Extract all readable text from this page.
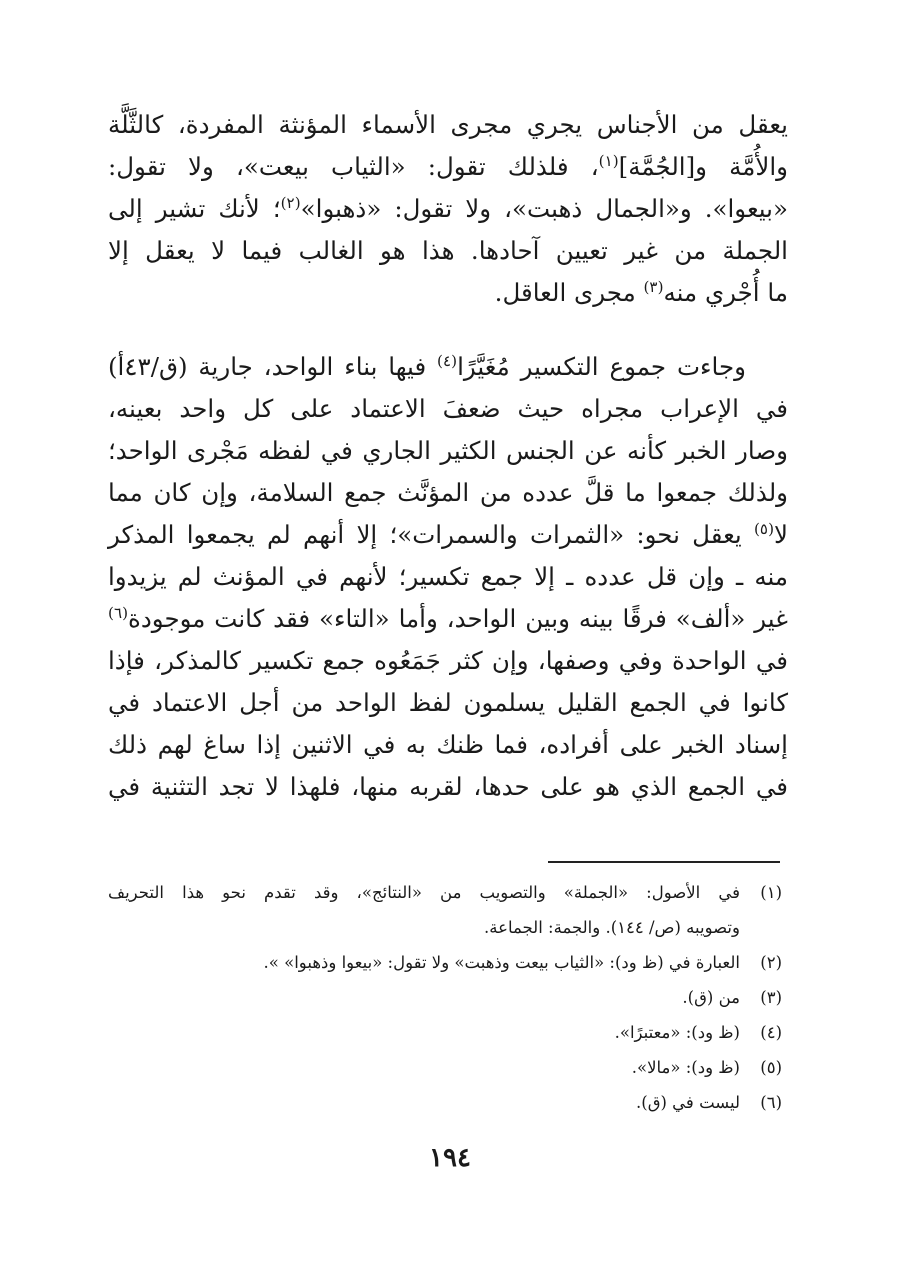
يعقل من الأجناس يجري مجرى الأسماء المؤنثة المفردة، كالثَّلَّة
والأُمَّة و[الجُمَّة]$^{(١)}$، فلذلك تقول: «الثياب بيعت»، ولا تقول:
«بيعوا». و«الجمال ذهبت»، ولا تقول: «ذهبوا»$^{(٢)}$؛ لأنك تشير إلى
الجملة من غير تعيين آحادها. هذا هو الغالب فيما لا يعقل إلا
ما أُجْري منه$^{(٣)}$ مجرى العاقل.
وجاءت جموع التكسير مُغَيَّرًا$^{(٤)}$ فيها بناء الواحد، جارية (ق/٤٣أ)
في الإعراب مجراه حيث ضعفَ الاعتماد على كل واحد بعينه،
وصار الخبر كأنه عن الجنس الكثير الجاري في لفظه مَجْرى الواحد؛
ولذلك جمعوا ما قلَّ عدده من المؤنَّث جمع السلامة، وإن كان مما
لا$^{(٥)}$ يعقل نحو: «الثمرات والسمرات»؛ إلا أنهم لم يجمعوا المذكر
منه ـ وإن قل عدده ـ إلا جمع تكسير؛ لأنهم في المؤنث لم يزيدوا
غير «ألف» فرقًا بينه وبين الواحد، وأما «التاء» فقد كانت موجودة$^{(٦)}$
في الواحدة وفي وصفها، وإن كثر جَمَعُوه جمع تكسير كالمذكر، فإذا
كانوا في الجمع القليل يسلمون لفظ الواحد من أجل الاعتماد في
إسناد الخبر على أفراده، فما ظنك به في الاثنين إذا ساغ لهم ذلك
في الجمع الذي هو على حدها، لقربه منها، فلهذا لا تجد التثنية في
(١)
في الأصول: «الجملة» والتصويب من «النتائج»، وقد تقدم نحو هذا التحريف
وتصويبه (ص/ ١٤٤). والجمة: الجماعة.
(٢)
العبارة في (ظ ود): «الثياب بيعت وذهبت» ولا تقول: «بيعوا وذهبوا» ».
(٣)
من (ق).
(٤)
(ظ ود): «معتبرًا».
(٥)
(ظ ود): «مالا».
(٦)
ليست في (ق).
١٩٤
